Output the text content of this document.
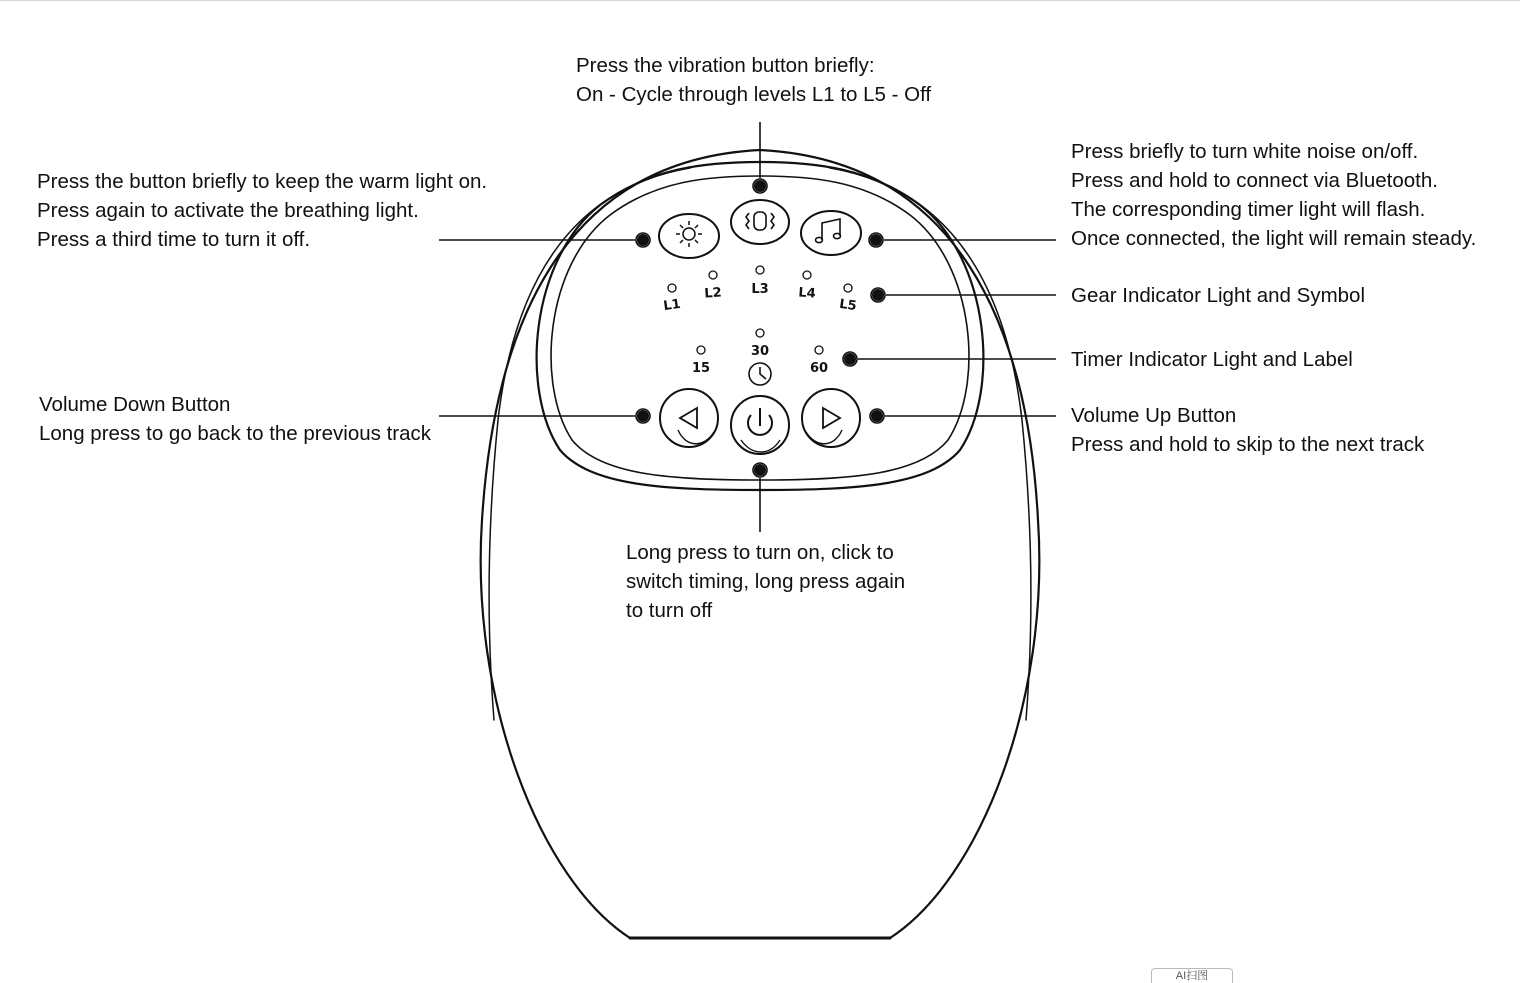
L1
L2 L3 L4
L5
15
30
60
Press the vibration button briefly:
On - Cycle through levels L1 to L5 - Off
Press the button briefly to keep the warm light on.
Press again to activate the breathing light.
Press a third time to turn it off.
Press briefly to turn white noise on/off.
Press and hold to connect via Bluetooth.
The corresponding timer light will flash.
Once connected, the light will remain steady.
Gear Indicator Light and Symbol
Timer Indicator Light and Label
Volume Down Button
Long press to go back to the previous track
Volume Up Button
Press and hold to skip to the next track
Long press to turn on, click to
switch timing, long press again
to turn off
AI扫图
